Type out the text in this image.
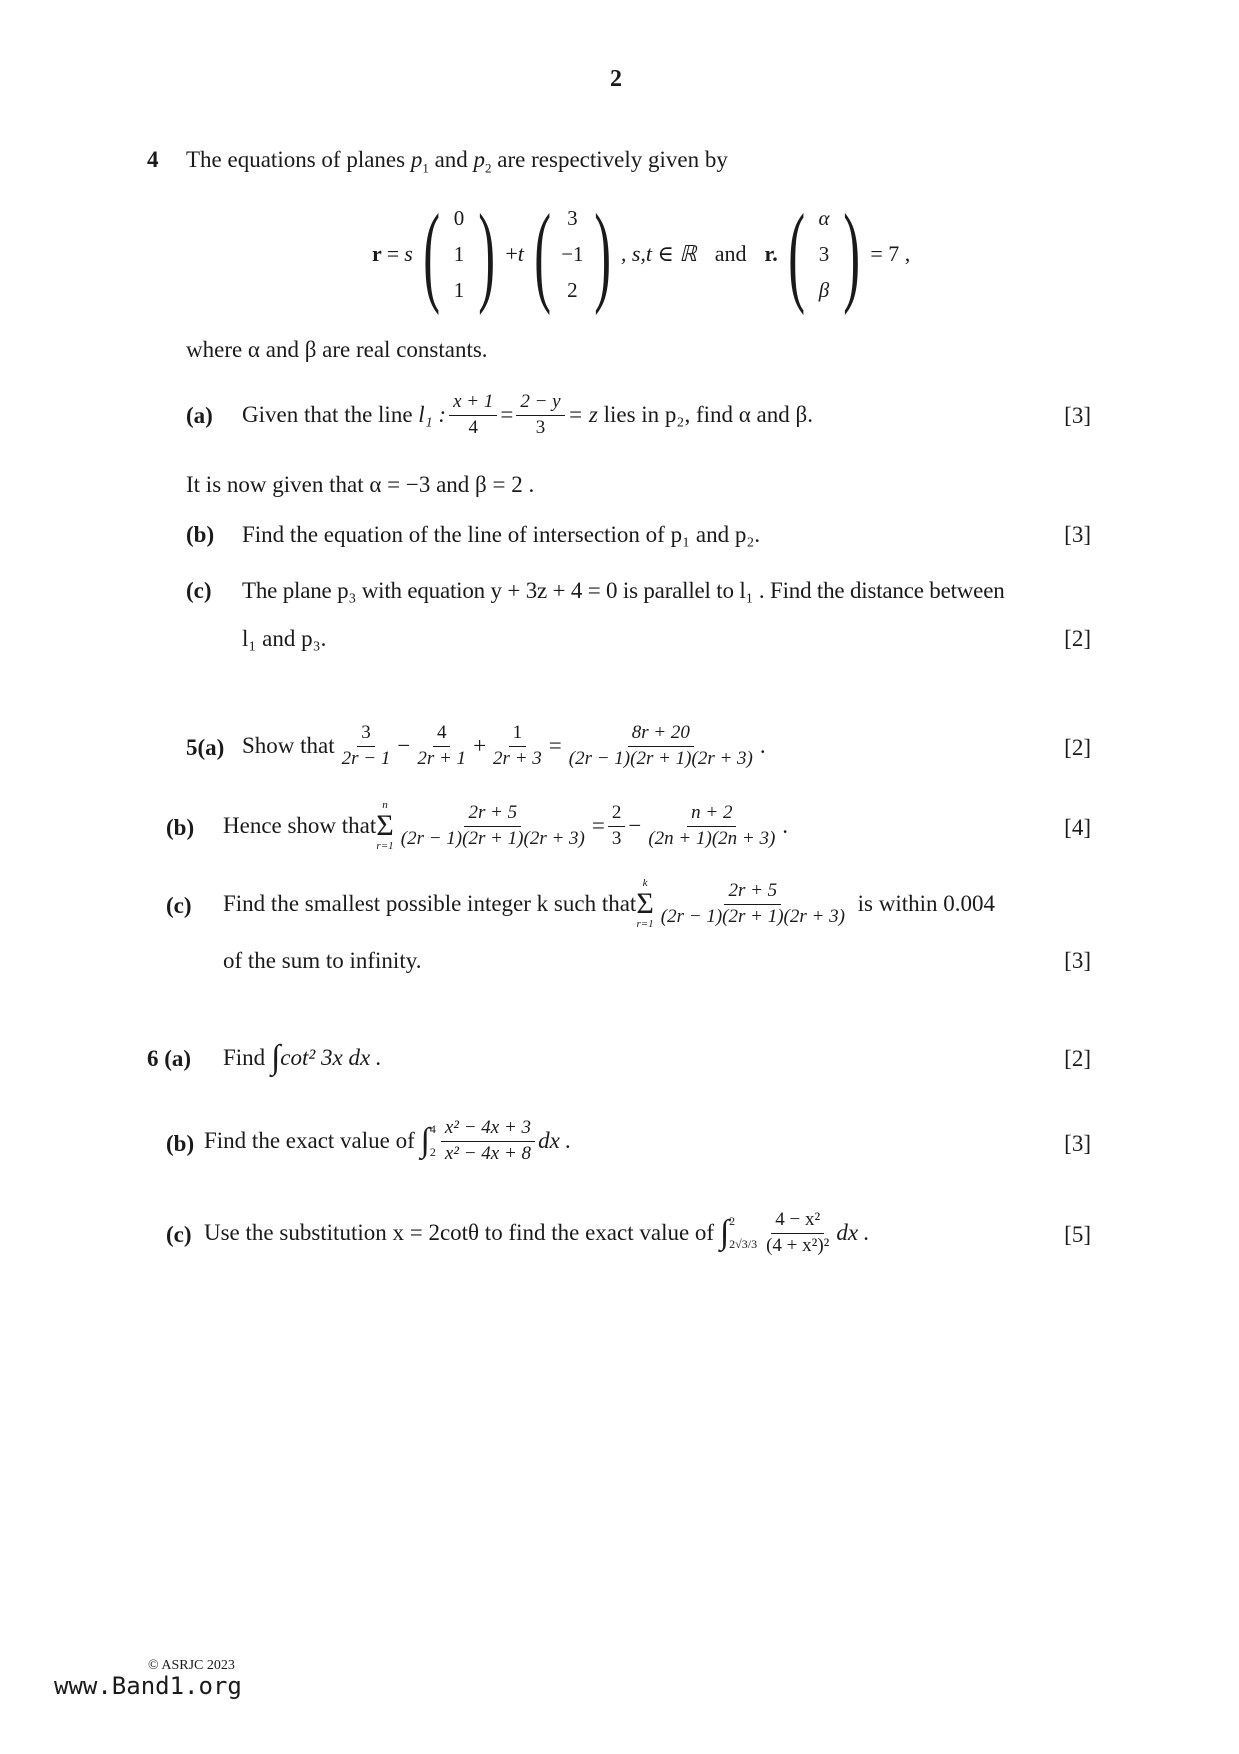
2
4 The equations of planes $p_1$ and $p_2$ are respectively given by
r = s ( 0
1
1 ) + t ( 3
−1
2 ) , s,t ∈ ℝ and r. ( α
3
β ) = 7 ,
where α and β are real constants.
(a) Given that the line
l₁ : $\frac{x + 1}{4} = \frac{2 - y}{3} = z$
lies in p₂, find α and β.	[3]
It is now given that α = −3 and β = 2 .
(b) Find the equation of the line of intersection of p₁ and p₂.	[3]
(c) The plane p₃ with equation y + 3z + 4 = 0 is parallel to l₁ . Find the distance between
l₁ and p₃.	[2]
5(a) Show that $\frac{3}{2r - 1} - \frac{4}{2r + 1} + \frac{1}{2r + 3} = \frac{8r + 20}{(2r - 1)(2r + 1)(2r + 3)}$ .	[2]
(b) Hence show that
n
Σ
$r=1 \frac{2r + 5}{(2r - 1)(2r + 1)(2r + 3)} = \frac{2}{3} - \frac{n + 2}{(2n + 1)(2n + 3)}$ .	[4]
(c) Find the smallest possible integer k such that
k
Σ
$r=1 \frac{2r + 5}{(2r - 1)(2r + 1)(2r + 3)}$
is within 0.004
of the sum to infinity.	[3]
6 (a) Find
∫ cot² 3x dx .	[2]
(b) Find the exact value of
∫ 4
$2 \frac{\text{x² − 4x + 3}}{\text{x² − 4x + 8}}$ dx .	[3]
(c) Use the substitution x = 2cotθ to find the exact value of
∫ 2
$2√3/3 \frac{\text{4 − x²}}{\text{(4 + x²)²}}$ dx .	[5]
© ASRJC 2023
www.Band1.org
